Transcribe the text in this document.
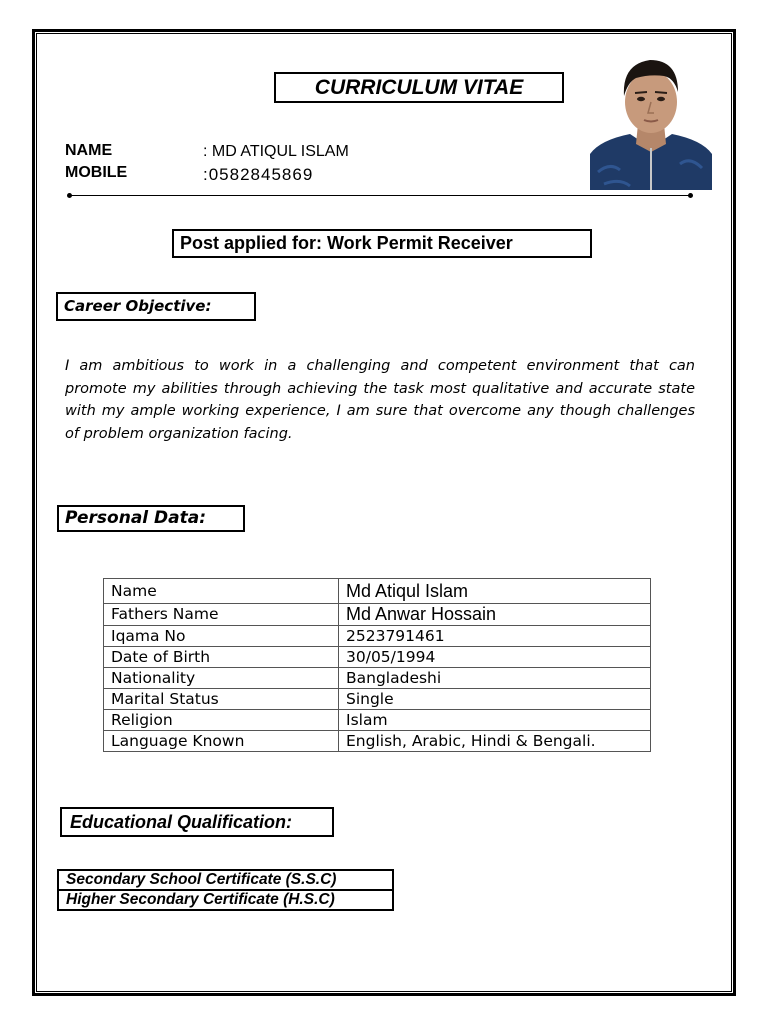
CURRICULUM VITAE
NAME	: MD ATIQUL ISLAM
MOBILE	:0582845869
Post applied for: Work Permit Receiver
Career Objective:

I am ambitious to work in a challenging and competent environment that can promote my abilities through achieving the task most qualitative and accurate state with my ample working experience, I am sure that overcome any though challenges of problem organization facing.

Personal Data:
Name	Md Atiqul Islam
Fathers Name	Md Anwar Hossain
Iqama No	2523791461
Date of Birth	30/05/1994
Nationality	Bangladeshi
Marital Status	Single
Religion	Islam
Language Known	English, Arabic, Hindi & Bengali.
Educational Qualification:
Secondary School Certificate (S.S.C)
Higher Secondary Certificate (H.S.C)
